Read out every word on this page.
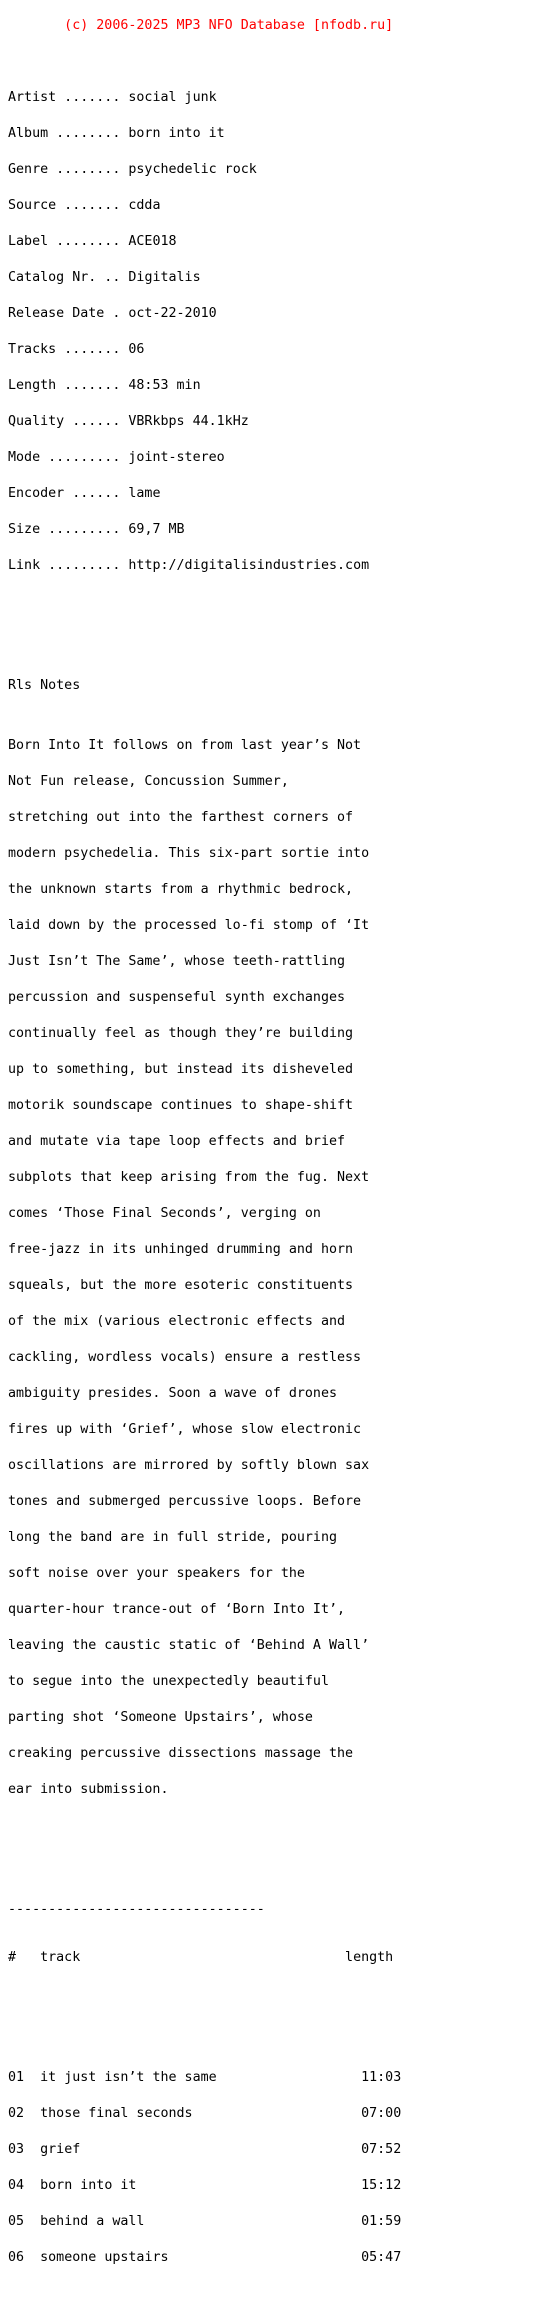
(c) 2006-2025 MP3 NFO Database [nfodb.ru]

Artist ....... social junk

Album ........ born into it

Genre ........ psychedelic rock

Source ....... cdda

Label ........ ACE018

Catalog Nr. .. Digitalis

Release Date . oct-22-2010

Tracks ....... 06

Length ....... 48:53 min

Quality ...... VBRkbps 44.1kHz

Mode ......... joint-stereo

Encoder ...... lame

Size ......... 69,7 MB

Link ......... http://digitalisindustries.com

Rls Notes

Born Into It follows on from last year’s Not

Not Fun release, Concussion Summer,

stretching out into the farthest corners of

modern psychedelia. This six-part sortie into

the unknown starts from a rhythmic bedrock,

laid down by the processed lo-fi stomp of ‘It

Just Isn’t The Same’, whose teeth-rattling

percussion and suspenseful synth exchanges

continually feel as though they’re building

up to something, but instead its disheveled

motorik soundscape continues to shape-shift

and mutate via tape loop effects and brief

subplots that keep arising from the fug. Next

comes ‘Those Final Seconds’, verging on

free-jazz in its unhinged drumming and horn

squeals, but the more esoteric constituents

of the mix (various electronic effects and

cackling, wordless vocals) ensure a restless

ambiguity presides. Soon a wave of drones

fires up with ‘Grief’, whose slow electronic

oscillations are mirrored by softly blown sax

tones and submerged percussive loops. Before

long the band are in full stride, pouring

soft noise over your speakers for the

quarter-hour trance-out of ‘Born Into It’,

leaving the caustic static of ‘Behind A Wall’

to segue into the unexpectedly beautiful

parting shot ‘Someone Upstairs’, whose

creaking percussive dissections massage the

ear into submission.

--------------------------------

# track	length

01 it just isn’t the same	11:03

02 those final seconds	07:00

03 grief	07:52

04 born into it	15:12

05 behind a wall	01:59

06 someone upstairs	05:47
